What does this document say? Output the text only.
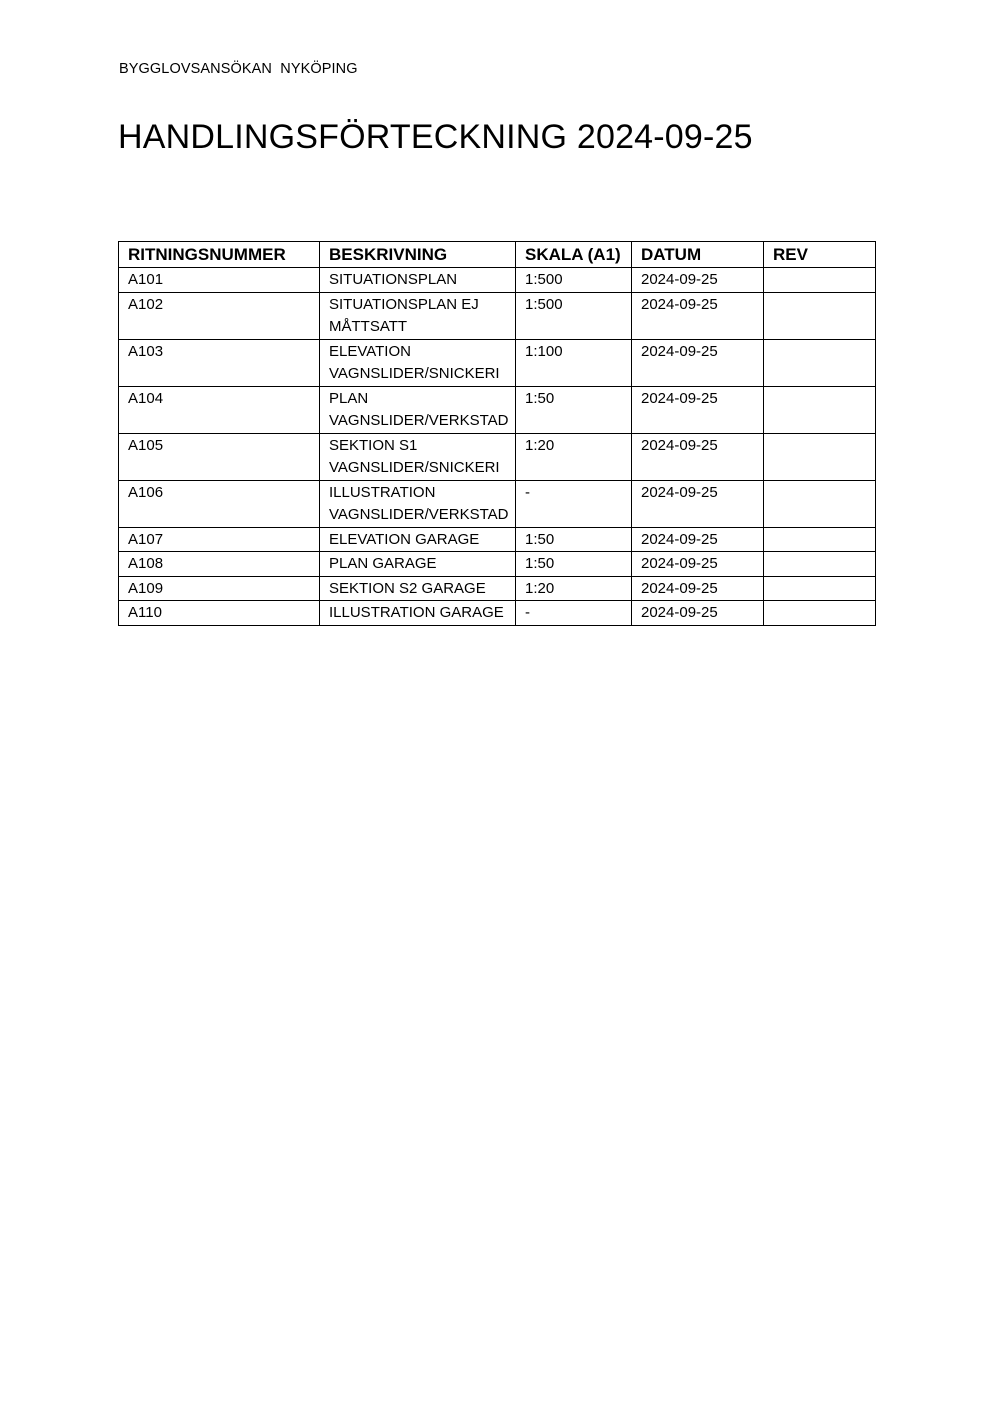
BYGGLOVSANSÖKAN  NYKÖPING
HANDLINGSFÖRTECKNING 2024-09-25
RITNINGSNUMMER	BESKRIVNING	SKALA (A1)	DATUM	REV
A101	SITUATIONSPLAN	1:500	2024-09-25	
A102	SITUATIONSPLAN EJ MÅTTSATT	1:500	2024-09-25	
A103	ELEVATION VAGNSLIDER/SNICKERI	1:100	2024-09-25	
A104	PLAN VAGNSLIDER/VERKSTAD	1:50	2024-09-25	
A105	SEKTION S1 VAGNSLIDER/SNICKERI	1:20	2024-09-25	
A106	ILLUSTRATION VAGNSLIDER/VERKSTAD	-	2024-09-25	
A107	ELEVATION GARAGE	1:50	2024-09-25	
A108	PLAN GARAGE	1:50	2024-09-25	
A109	SEKTION S2 GARAGE	1:20	2024-09-25	
A110	ILLUSTRATION GARAGE	-	2024-09-25	
